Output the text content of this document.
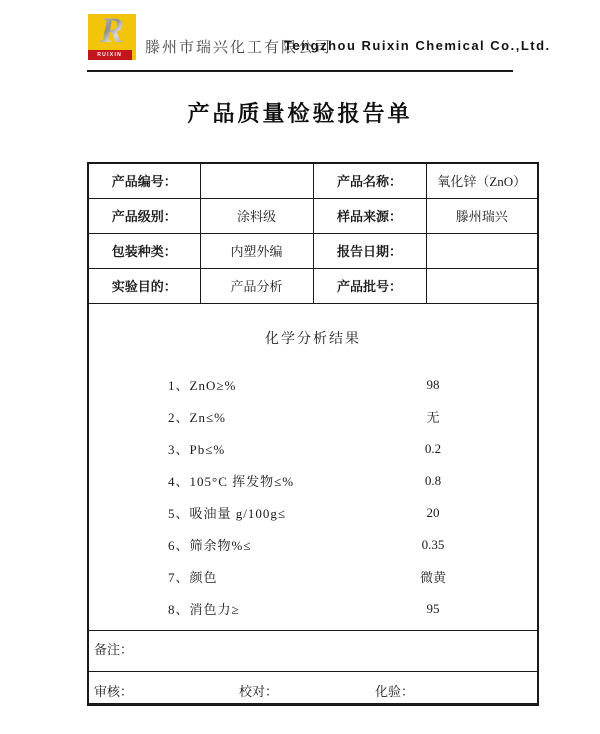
R
RUIXIN 滕州市瑞兴化工有限公司
Tengzhou Ruixin Chemical Co.,Ltd.
产品质量检验报告单
产品编号：		产品名称：	氧化锌（ZnO）
产品级别：	涂料级	样品来源：	滕州瑞兴
包装种类：	内塑外编	报告日期：	
实验目的：	产品分析	产品批号：	

化学分析结果
1、ZnO≥%	98
2、Zn≤%	无
3、Pb≤%	0.2
4、105°C 挥发物≤%	0.8
5、吸油量 g/100g≤	20
6、筛余物%≤	0.35
7、颜色	微黄
8、消色力≥	95

备注：			

审核： 校对： 化验：			
